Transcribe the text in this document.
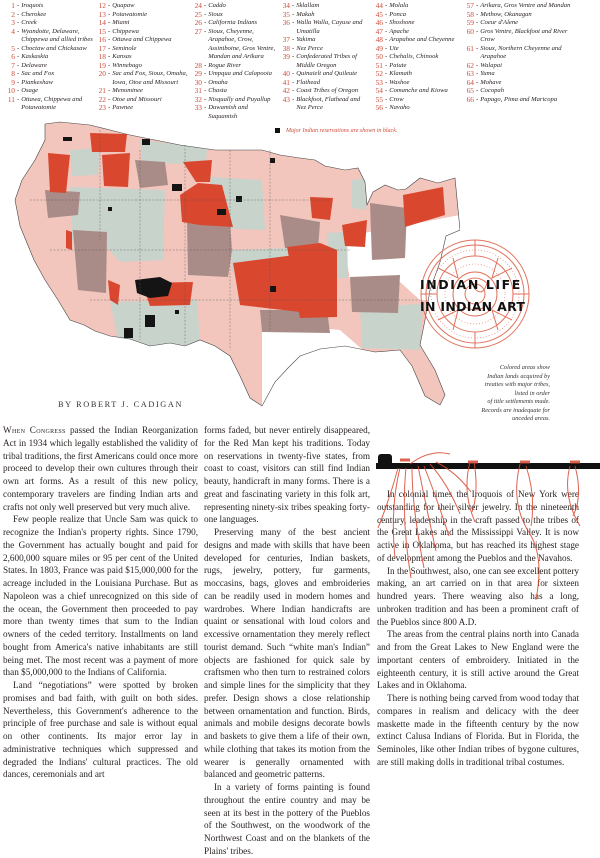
1 - Iroquois
2 - Cherokee
3 - Creek
4 - Wyandotte, Delaware, Chippewa and allied tribes
5 - Choctaw and Chickasaw
6 - Kaskaskia
7 - Delaware
8 - Sac and Fox
9 - Piankeshaw
10 - Osage
11 - Ottawa, Chippewa and Potawatomie
12 - Quapaw
13 - Potawatomie
14 - Miami
15 - Chippewa
16 - Ottawa and Chippewa
17 - Seminole
18 - Kansas
19 - Winnebago
20 - Sac and Fox, Sioux, Omaha, Iowa, Otoe and Missouri
21 - Menominee
22 - Otoe and Missouri
23 - Pawnee
24 - Caddo
25 - Sioux
26 - California Indians
27 - Sioux, Cheyenne, Arapahoe, Crow, Assiniboine, Gros Ventre, Mandan and Arikara
28 - Rogue River
29 - Umpqua and Calapooia
30 - Omaha
31 - Chasta
32 - Nisqually and Puyallup
33 - Duwamish and Suquamish
34 - Sklallam
35 - Makah
36 - Walla Walla, Cayuse and Umatilla
37 - Yakima
38 - Nez Perce
39 - Confederated Tribes of Middle Oregon
40 - Quinaielt and Quileute
41 - Flathead
42 - Coast Tribes of Oregon
43 - Blackfoot, Flathead and Nez Perce
44 - Molala
45 - Ponca
46 - Shoshone
47 - Apache
48 - Arapahoe and Cheyenne
49 - Ute
50 - Chehalis, Chinook
51 - Paiute
52 - Klamath
53 - Washoe
54 - Comanche and Kiowa
55 - Crow
56 - Navaho
57 - Arikara, Gros Ventre and Mandan
58 - Methow, Okanagan
59 - Coeur d'Alene
60 - Gros Ventre, Blackfoot and River Crow
61 - Sioux, Northern Cheyenne and Arapahoe
62 - Walapai
63 - Yuma
64 - Mohave
65 - Cocopah
66 - Papago, Pima and Maricopa
Major Indian reservations are shown in black.
INDIAN LIFE
IN INDIAN ART
BY ROBERT J. CADIGAN
Colored areas show
Indian lands acquired by
treaties with major tribes,
listed in order
of title settlements made.
Records are inadequate for
unceded areas.

When Congress passed the Indian Reorganization Act in 1934 which legally established the validity of tribal traditions, the first Americans could once more proceed to develop their own cultures through their own art forms. As a result of this new policy, contemporary travelers are finding Indian arts and crafts not only well preserved but very much alive.

Few people realize that Uncle Sam was quick to recognize the Indian's property rights. Since 1790, the Government has actually bought and paid for 2,600,000 square miles or 95 per cent of the United States. In 1803, France was paid $15,000,000 for the acreage included in the Louisiana Purchase. But as Napoleon was a chief unrecognized on this side of the ocean, the Government then proceeded to pay more than twenty times that sum to the Indian owners of the ceded territory. Installments on land bought from America's native inhabitants are still being met. The most recent was a payment of more than $5,000,000 to the Indians of California.

Land “negotiations” were spotted by broken promises and bad faith, with guilt on both sides. Nevertheless, this Government's adherence to the principle of free purchase and sale is without equal on other continents. Its major error lay in administrative techniques which suppressed and degraded the Indians' cultural practices. The old dances, ceremonials and art

forms faded, but never entirely disappeared, for the Red Man kept his traditions. Today on reservations in twenty-five states, from coast to coast, visitors can still find Indian beauty, handicraft in many forms. There is a great and fascinating variety in this folk art, representing ninety-six tribes speaking forty-one languages.

Preserving many of the best ancient designs and made with skills that have been developed for centuries, Indian baskets, rugs, jewelry, pottery, fur garments, moccasins, bags, gloves and embroideries can be readily used in modern homes and wardrobes. Where Indian handicrafts are quaint or sensational with loud colors and excessive ornamentation they merely reflect tourist demand. Such “white man's Indian” objects are fashioned for quick sale by craftsmen who then turn to restrained colors and simple lines for the simplicity that they prefer. Design shows a close relationship between ornamentation and function. Birds, animals and mobile designs decorate bowls and baskets to give them a life of their own, while clothing that takes its motion from the wearer is generally ornamented with balanced and geometric patterns.

In a variety of forms painting is found throughout the entire country and may be seen at its best in the pottery of the Pueblos of the Southwest, on the woodwork of the Northwest Coast and on the blankets of the Plains' tribes.

In colonial times the Iroquois of New York were outstanding for their silver jewelry. In the nineteenth century, leadership in the craft passed to the tribes of the Great Lakes and the Mississippi Valley. It is now active in Oklahoma, but has reached its highest stage of development among the Pueblos and the Navahos.

In the Southwest, also, one can see excellent pottery making, an art carried on in that area for sixteen hundred years. There weaving also has a long, unbroken tradition and has been a prominent craft of the Pueblos since 800 A.D.

The areas from the central plains north into Canada and from the Great Lakes to New England were the important centers of embroidery. Initiated in the eighteenth century, it is still active around the Great Lakes and in Oklahoma.

There is nothing being carved from wood today that compares in realism and delicacy with the deer maskette made in the fifteenth century by the now extinct Calusa Indians of Florida. But in Florida, the Seminoles, like other Indian tribes of bygone cultures, are still making dolls in traditional tribal costumes.
